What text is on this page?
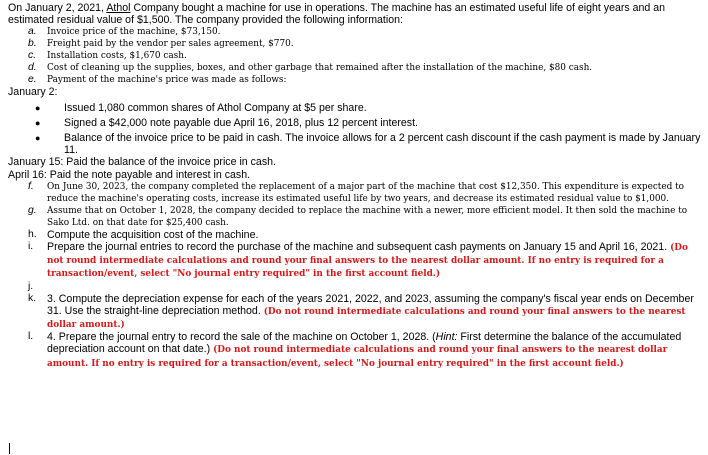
On January 2, 2021, Athol Company bought a machine for use in operations. The machine has an estimated useful life of eight years and an estimated residual value of $1,500. The company provided the following information:

a.	Invoice price of the machine, $73,150.
b.	Freight paid by the vendor per sales agreement, $770.
c.	Installation costs, $1,670 cash.
d.	Cost of cleaning up the supplies, boxes, and other garbage that remained after the installation of the machine, $80 cash.
e.	Payment of the machine's price was made as follows:

January 2:

●	Issued 1,080 common shares of Athol Company at $5 per share.
●	Signed a $42,000 note payable due April 16, 2018, plus 12 percent interest.
●	Balance of the invoice price to be paid in cash. The invoice allows for a 2 percent cash discount if the cash payment is made by January 11.

January 15: Paid the balance of the invoice price in cash.

April 16: Paid the note payable and interest in cash.

f.	On June 30, 2023, the company completed the replacement of a major part of the machine that cost $12,350. This expenditure is expected to reduce the machine's operating costs, increase its estimated useful life by two years, and decrease its estimated residual value to $1,000.
g.	Assume that on October 1, 2028, the company decided to replace the machine with a newer, more efficient model. It then sold the machine to Sako Ltd. on that date for $25,400 cash.
h. Compute the acquisition cost of the machine.
i.	Prepare the journal entries to record the purchase of the machine and subsequent cash payments on January 15 and April 16, 2021. (Do not round intermediate calculations and round your final answers to the nearest dollar amount. If no entry is required for a transaction/event, select "No journal entry required" in the first account field.)
j.
k.	3. Compute the depreciation expense for each of the years 2021, 2022, and 2023, assuming the company's fiscal year ends on December 31. Use the straight-line depreciation method. (Do not round intermediate calculations and round your final answers to the nearest dollar amount.)
l.	4. Prepare the journal entry to record the sale of the machine on October 1, 2028. (Hint: First determine the balance of the accumulated depreciation account on that date.) (Do not round intermediate calculations and round your final answers to the nearest dollar amount. If no entry is required for a transaction/event, select "No journal entry required" in the first account field.)
